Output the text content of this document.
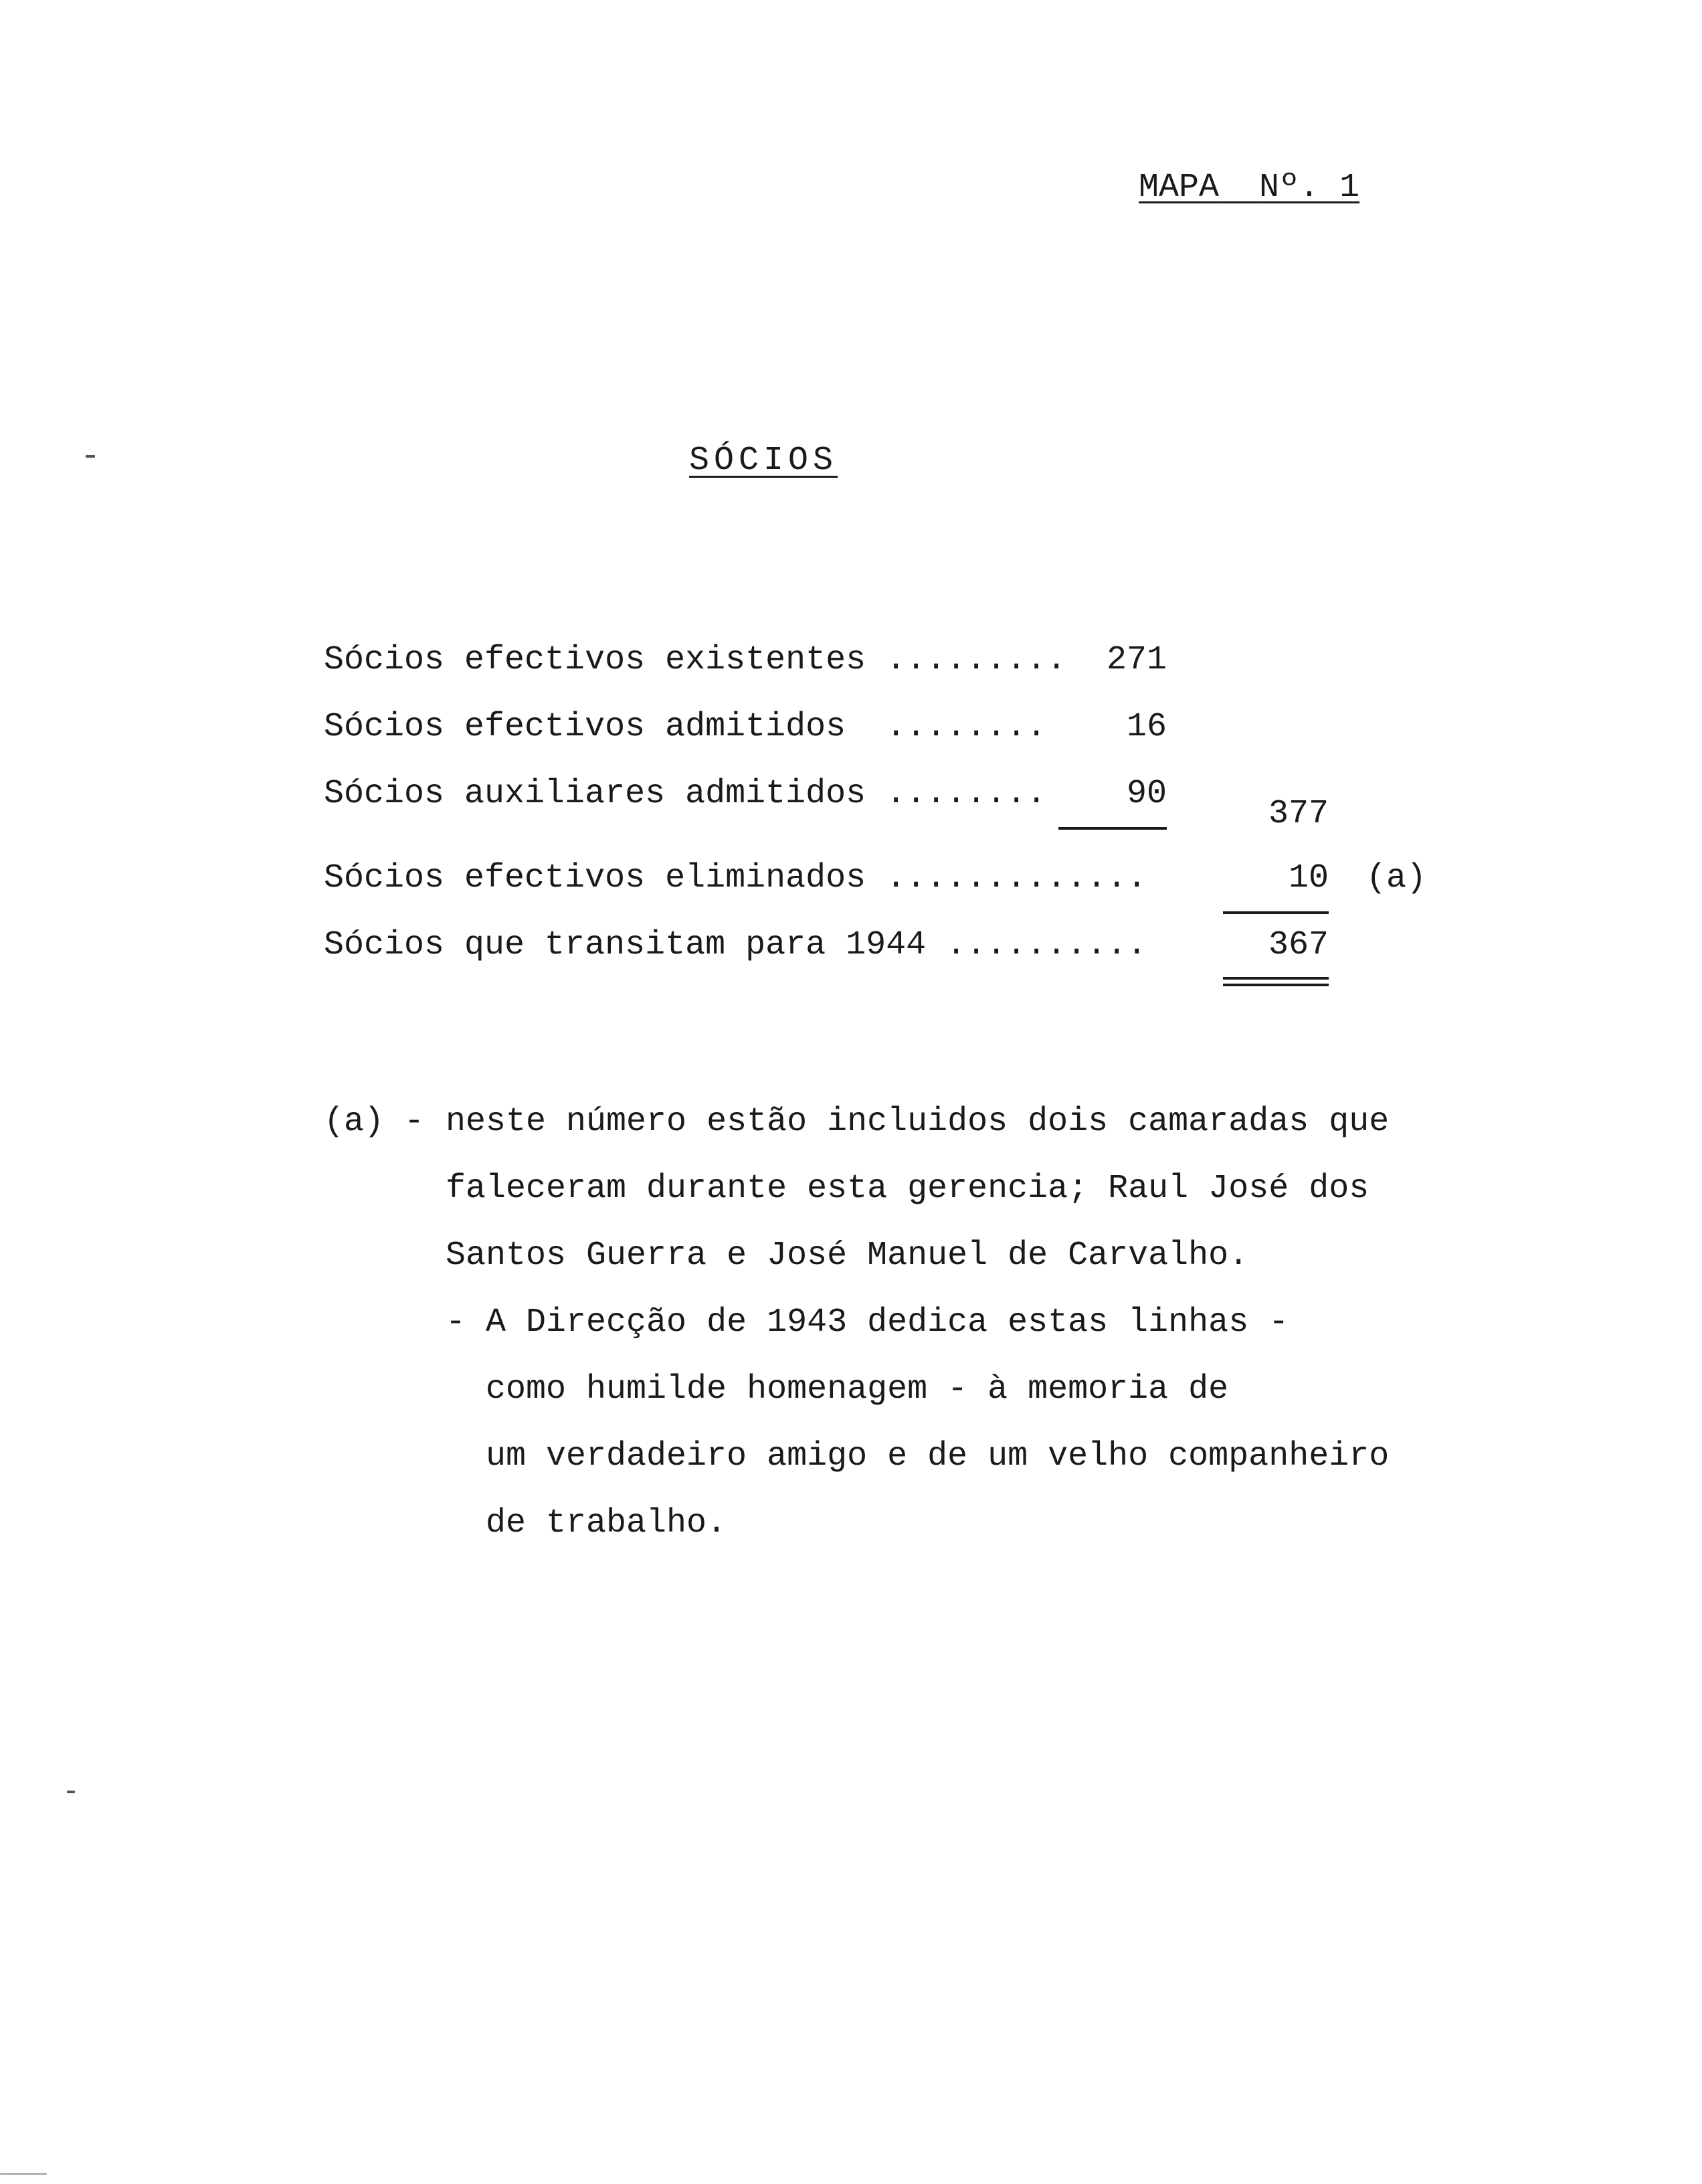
MAPA Nº. 1
SÓCIOS
Sócios efectivos existentes ......... 271
Sócios efectivos admitidos  ........	16
Sócios auxiliares admitidos ........	90
377
Sócios efectivos eliminados .............	10 (a)
Sócios que transitam para 1944 ..........	367
(a) - neste número estão incluidos dois camaradas que
faleceram durante esta gerencia; Raul José dos
Santos Guerra e José Manuel de Carvalho.
- A Direcção de 1943 dedica estas linhas -
como humilde homenagem - à memoria de
um verdadeiro amigo e de um velho companheiro
de trabalho.
